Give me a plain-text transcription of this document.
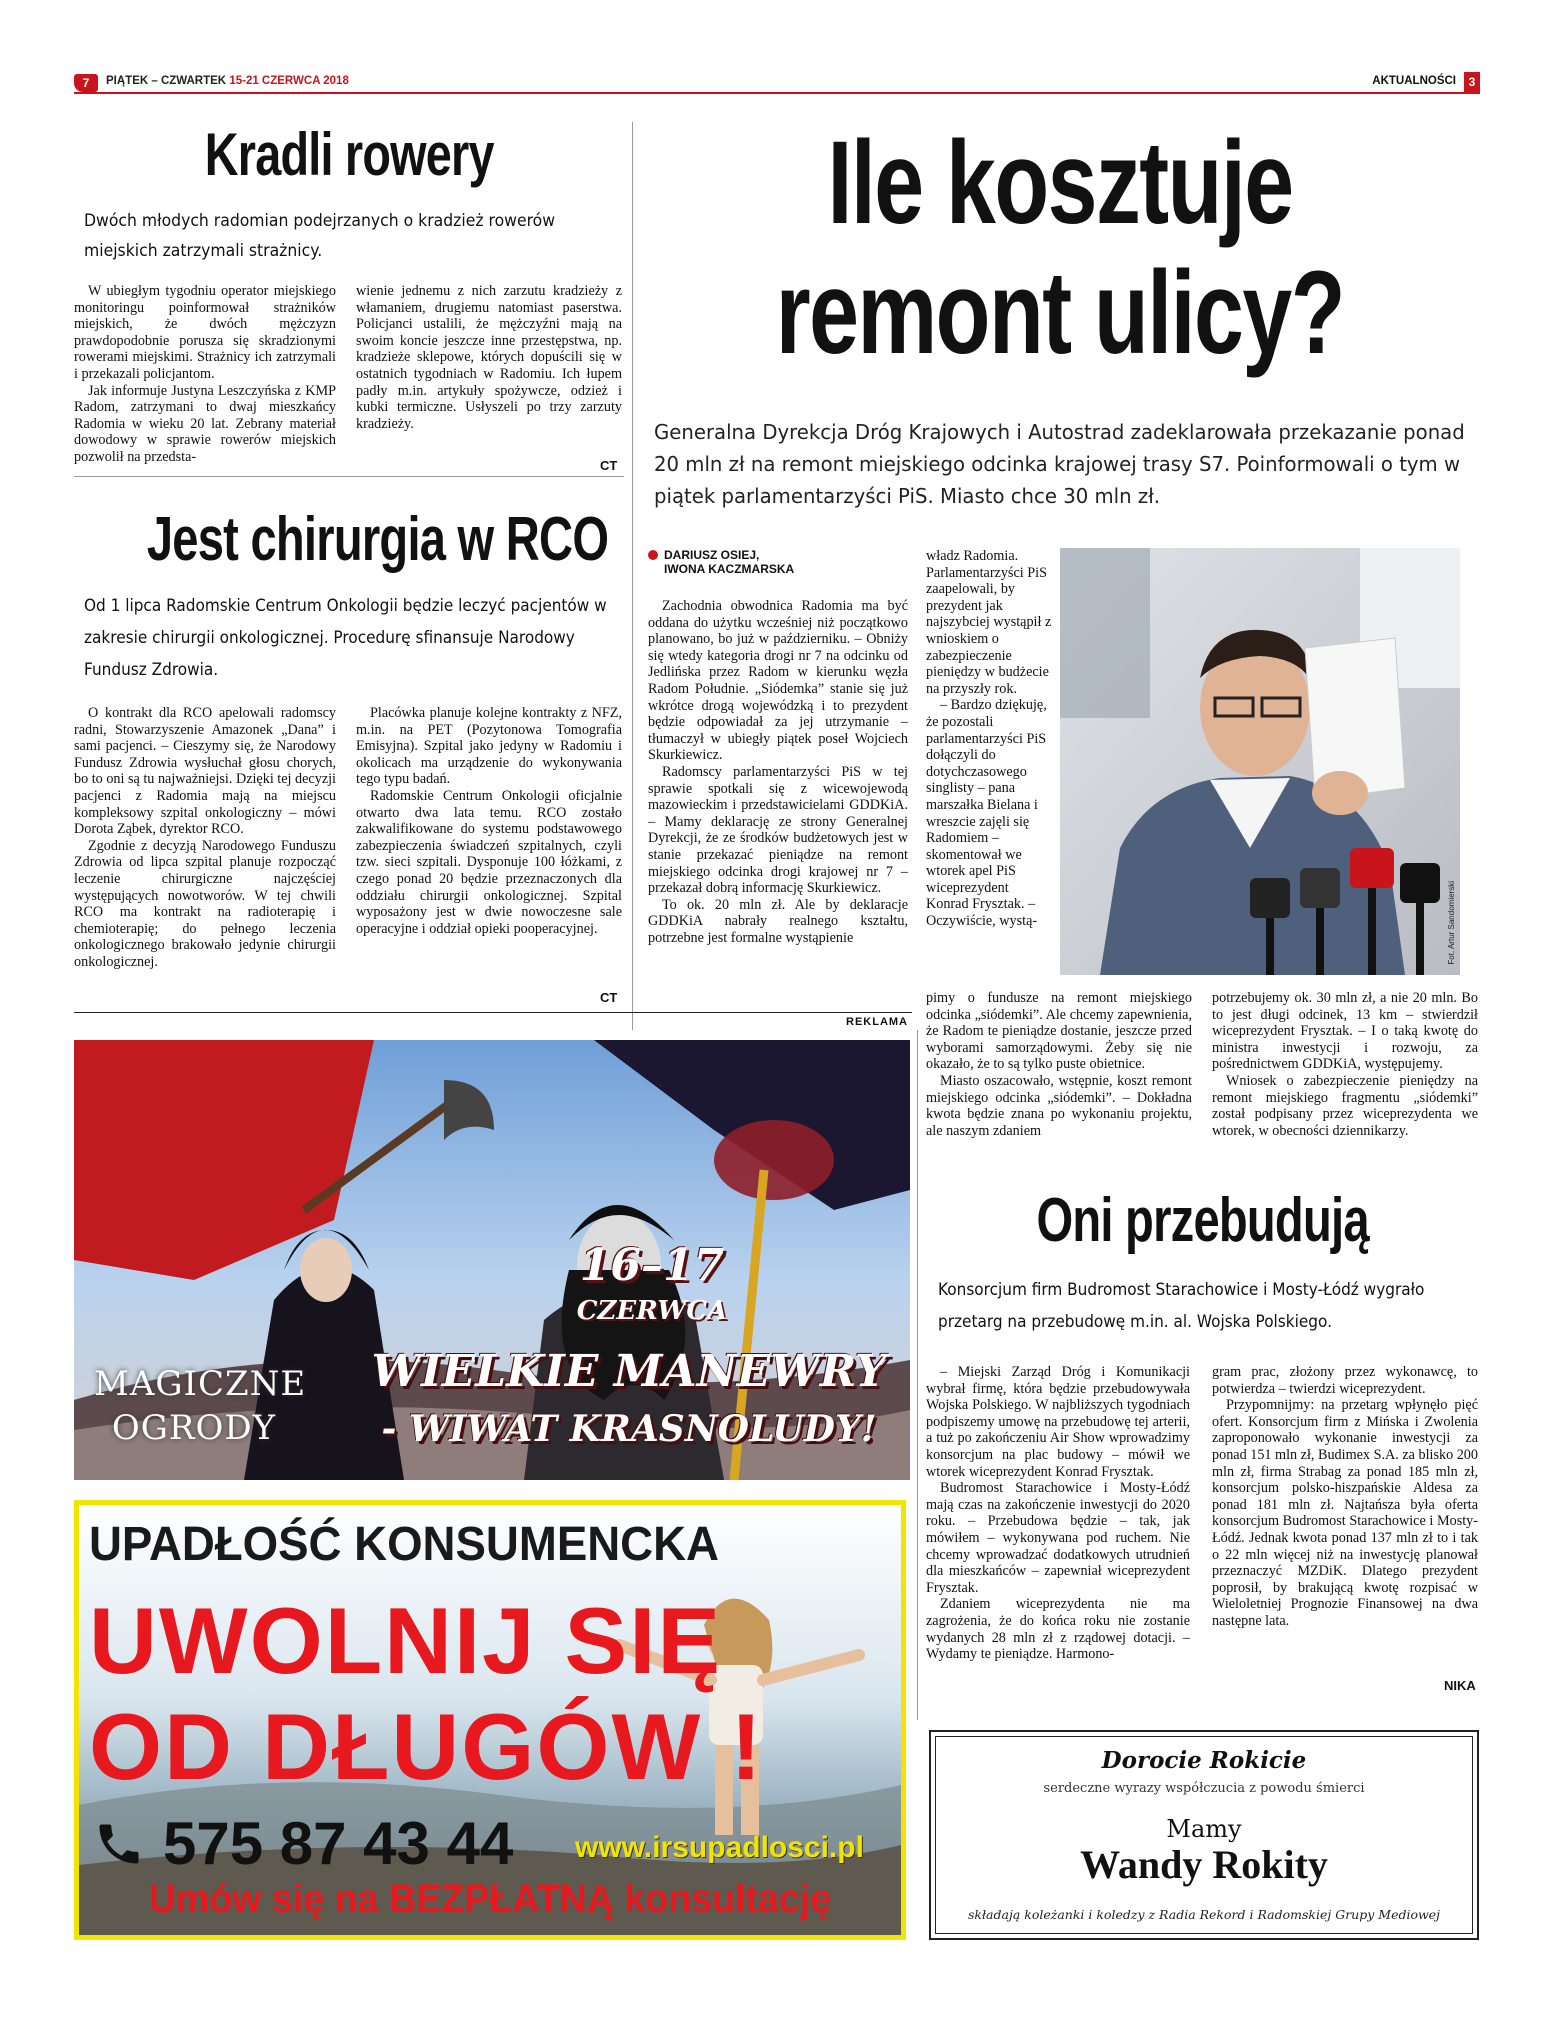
7	PIĄTEK – CZWARTEK 15-21 CZERWCA 2018	AKTUALNOŚCI	3
Kradli rowery
Dwóch młodych radomian podejrzanych o kradzież rowerów miejskich zatrzymali strażnicy.

W ubiegłym tygodniu operator miejskiego monitoringu poinformował strażników miejskich, że dwóch mężczyzn prawdopodobnie porusza się skradzionymi rowerami miejskimi. Strażnicy ich zatrzymali i przekazali policjantom.

Jak informuje Justyna Leszczyńska z KMP Radom, zatrzymani to dwaj mieszkańcy Radomia w wieku 20 lat. Zebrany materiał dowodowy w sprawie rowerów miejskich pozwolił na przedsta-

wienie jednemu z nich zarzutu kradzieży z włamaniem, drugiemu natomiast paserstwa. Policjanci ustalili, że mężczyźni mają na swoim koncie jeszcze inne przestępstwa, np. kradzieże sklepowe, których dopuścili się w ostatnich tygodniach w Radomiu. Ich łupem padły m.in. artykuły spożywcze, odzież i kubki termiczne. Usłyszeli po trzy zarzuty kradzieży.

CT
Jest chirurgia w RCO
Od 1 lipca Radomskie Centrum Onkologii będzie leczyć pacjentów w zakresie chirurgii onkologicznej. Procedurę sfinansuje Narodowy Fundusz Zdrowia.

O kontrakt dla RCO apelowali radomscy radni, Stowarzyszenie Amazonek „Dana” i sami pacjenci. – Cieszymy się, że Narodowy Fundusz Zdrowia wysłuchał głosu chorych, bo to oni są tu najważniejsi. Dzięki tej decyzji pacjenci z Radomia mają na miejscu kompleksowy szpital onkologiczny – mówi Dorota Ząbek, dyrektor RCO.

Zgodnie z decyzją Narodowego Funduszu Zdrowia od lipca szpital planuje rozpocząć leczenie chirurgiczne najczęściej występujących nowotworów. W tej chwili RCO ma kontrakt na radioterapię i chemioterapię; do pełnego leczenia onkologicznego brakowało jedynie chirurgii onkologicznej.

Placówka planuje kolejne kontrakty z NFZ, m.in. na PET (Pozytonowa Tomografia Emisyjna). Szpital jako jedyny w Radomiu i okolicach ma urządzenie do wykonywania tego typu badań.

Radomskie Centrum Onkologii oficjalnie otwarto dwa lata temu. RCO zostało zakwalifikowane do systemu podstawowego zabezpieczenia świadczeń szpitalnych, czyli tzw. sieci szpitali. Dysponuje 100 łóżkami, z czego ponad 20 będzie przeznaczonych dla oddziału chirurgii onkologicznej. Szpital wyposażony jest w dwie nowoczesne sale operacyjne i oddział opieki pooperacyjnej.

CT
Ile kosztuje
remont ulicy?
Generalna Dyrekcja Dróg Krajowych i Autostrad zadeklarowała przekazanie ponad 20 mln zł na remont miejskiego odcinka krajowej trasy S7. Poinformowali o tym w piątek parlamentarzyści PiS. Miasto chce 30 mln zł.
DARIUSZ OSIEJ,
IWONA KACZMARSKA

Zachodnia obwodnica Radomia ma być oddana do użytku wcześniej niż początkowo planowano, bo już w październiku. – Obniży się wtedy kategoria drogi nr 7 na odcinku od Jedlińska przez Radom w kierunku węzła Radom Południe. „Siódemka” stanie się już wkrótce drogą wojewódzką i to prezydent będzie odpowiadał za jej utrzymanie – tłumaczył w ubiegły piątek poseł Wojciech Skurkiewicz.

Radomscy parlamentarzyści PiS w tej sprawie spotkali się z wicewojewodą mazowieckim i przedstawicielami GDDKiA. – Mamy deklarację ze strony Generalnej Dyrekcji, że ze środków budżetowych jest w stanie przekazać pieniądze na remont miejskiego odcinka drogi krajowej nr 7 – przekazał dobrą informację Skurkiewicz.

To ok. 20 mln zł. Ale by deklaracje GDDKiA nabrały realnego kształtu, potrzebne jest formalne wystąpienie

władz Radomia. Parlamentarzyści PiS zaapelowali, by prezydent jak najszybciej wystąpił z wnioskiem o zabezpieczenie pieniędzy w budżecie na przyszły rok.

– Bardzo dziękuję, że pozostali parlamentarzyści PiS dołączyli do dotychczasowego singlisty – pana marszałka Bielana i wreszcie zajęli się Radomiem – skomentował we wtorek apel PiS wiceprezydent Konrad Frysztak. – Oczywiście, wystą-

pimy o fundusze na remont miejskiego odcinka „siódemki”. Ale chcemy zapewnienia, że Radom te pieniądze dostanie, jeszcze przed wyborami samorządowymi. Żeby się nie okazało, że to są tylko puste obietnice.

Miasto oszacowało, wstępnie, koszt remont miejskiego odcinka „siódemki”. – Dokładna kwota będzie znana po wykonaniu projektu, ale naszym zdaniem

potrzebujemy ok. 30 mln zł, a nie 20 mln. Bo to jest długi odcinek, 13 km – stwierdził wiceprezydent Frysztak. – I o taką kwotę do ministra inwestycji i rozwoju, za pośrednictwem GDDKiA, występujemy.

Wniosek o zabezpieczenie pieniędzy na remont miejskiego fragmentu „siódemki” został podpisany przez wiceprezydenta we wtorek, w obecności dziennikarzy.

Fot. Artur Sandomierski
REKLAMA
16–17
CZERWCA
MAGICZNE
OGRODY
WIELKIE MANEWRY
- WIWAT KRASNOLUDY!
UPADŁOŚĆ KONSUMENCKA
UWOLNIJ SIĘ
OD DŁUGÓW !
575 87 43 44 www.irsupadlosci.pl
Umów się na BEZPŁATNĄ konsultację
Oni przebudują
Konsorcjum firm Budromost Starachowice i Mosty-Łódź wygrało przetarg na przebudowę m.in. al. Wojska Polskiego.

– Miejski Zarząd Dróg i Komunikacji wybrał firmę, która będzie przebudowywała Wojska Polskiego. W najbliższych tygodniach podpiszemy umowę na przebudowę tej arterii, a tuż po zakończeniu Air Show wprowadzimy konsorcjum na plac budowy – mówił we wtorek wiceprezydent Konrad Frysztak.

Budromost Starachowice i Mosty-Łódź mają czas na zakończenie inwestycji do 2020 roku. – Przebudowa będzie – tak, jak mówiłem – wykonywana pod ruchem. Nie chcemy wprowadzać dodatkowych utrudnień dla mieszkańców – zapewniał wiceprezydent Frysztak.

Zdaniem wiceprezydenta nie ma zagrożenia, że do końca roku nie zostanie wydanych 28 mln zł z rządowej dotacji. – Wydamy te pieniądze. Harmono-

gram prac, złożony przez wykonawcę, to potwierdza – twierdzi wiceprezydent.

Przypomnijmy: na przetarg wpłynęło pięć ofert. Konsorcjum firm z Mińska i Zwolenia zaproponowało wykonanie inwestycji za ponad 151 mln zł, Budimex S.A. za blisko 200 mln zł, firma Strabag za ponad 185 mln zł, konsorcjum polsko-hiszpańskie Aldesa za ponad 181 mln zł. Najtańsza była oferta konsorcjum Budromost Starachowice i Mosty-Łódź. Jednak kwota ponad 137 mln zł to i tak o 22 mln więcej niż na inwestycję planował przeznaczyć MZDiK. Dlatego prezydent poprosił, by brakującą kwotę rozpisać w Wieloletniej Prognozie Finansowej na dwa następne lata.

NIKA
Dorocie Rokicie
serdeczne wyrazy współczucia z powodu śmierci
Mamy
Wandy Rokity
składają koleżanki i koledzy z Radia Rekord i Radomskiej Grupy Mediowej
